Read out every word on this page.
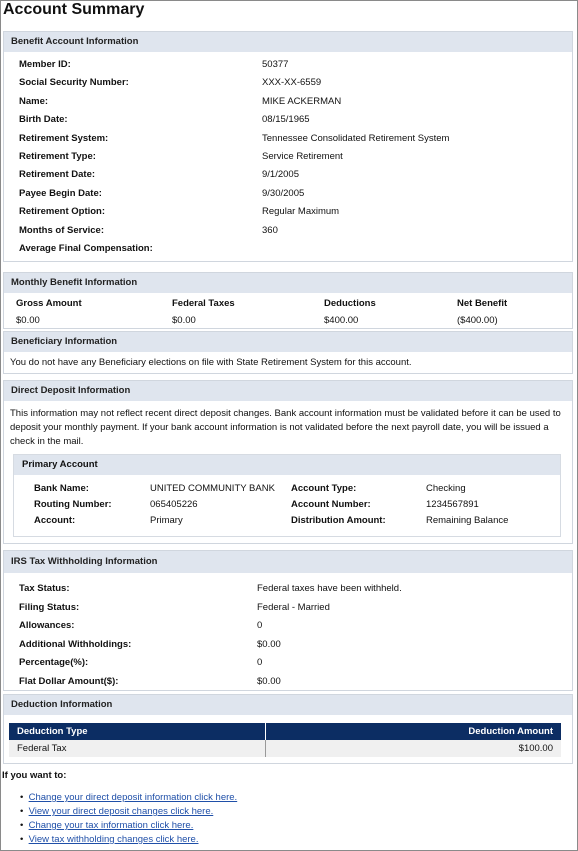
Account Summary
Benefit Account Information
Member ID:	50377
Social Security Number:	XXX-XX-6559
Name:	MIKE ACKERMAN
Birth Date:	08/15/1965
Retirement System:	Tennessee Consolidated Retirement System
Retirement Type:	Service Retirement
Retirement Date:	9/1/2005
Payee Begin Date:	9/30/2005
Retirement Option:	Regular Maximum
Months of Service:	360
Average Final Compensation:
Monthly Benefit Information
Gross Amount	Federal Taxes	Deductions	Net Benefit
$0.00	$0.00	$400.00	($400.00)
Beneficiary Information
You do not have any Beneficiary elections on file with State Retirement System for this account.
Direct Deposit Information
This information may not reflect recent direct deposit changes. Bank account information must be validated before it can be used to deposit your monthly payment. If your bank account information is not validated before the next payroll date, you will be issued a check in the mail.
Primary Account
Bank Name:	UNITED COMMUNITY BANK
Routing Number:	065405226
Account:	Primary
Account Type:	Checking
Account Number:	1234567891
Distribution Amount:	Remaining Balance
IRS Tax Withholding Information
Tax Status:	Federal taxes have been withheld.
Filing Status:	Federal - Married
Allowances:	0
Additional Withholdings:	$0.00
Percentage(%):	0
Flat Dollar Amount($):	$0.00
Deduction Information
Deduction Type	Deduction Amount
Federal Tax	$100.00
If you want to:
•  Change your direct deposit information click here.
•  View your direct deposit changes click here.
•  Change your tax information click here.
•  View tax withholding changes click here.
